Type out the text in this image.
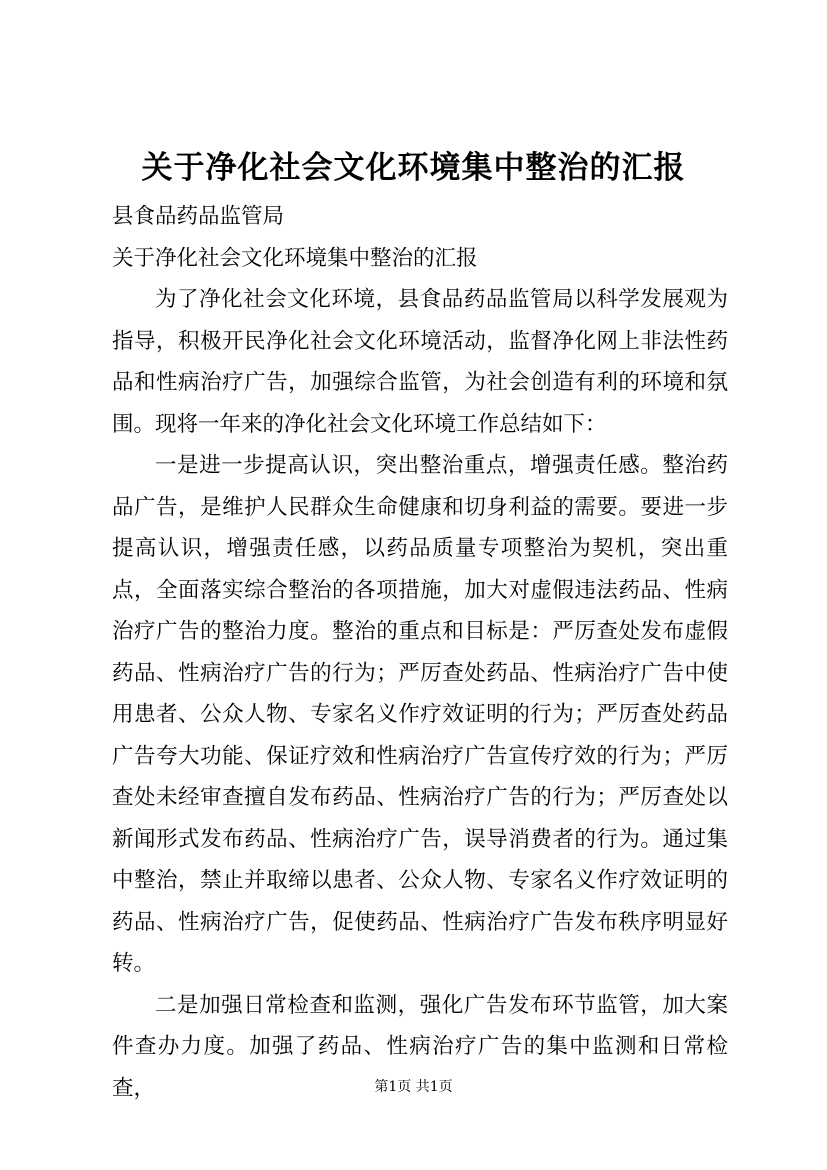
关于净化社会文化环境集中整治的汇报

县食品药品监管局

关于净化社会文化环境集中整治的汇报

为了净化社会文化环境，县食品药品监管局以科学发展观为指导，积极开民净化社会文化环境活动，监督净化网上非法性药品和性病治疗广告，加强综合监管，为社会创造有利的环境和氛围。现将一年来的净化社会文化环境工作总结如下：

一是进一步提高认识，突出整治重点，增强责任感。整治药品广告，是维护人民群众生命健康和切身利益的需要。要进一步提高认识，增强责任感，以药品质量专项整治为契机，突出重点，全面落实综合整治的各项措施，加大对虚假违法药品、性病治疗广告的整治力度。整治的重点和目标是：严厉查处发布虚假药品、性病治疗广告的行为；严厉查处药品、性病治疗广告中使用患者、公众人物、专家名义作疗效证明的行为；严厉查处药品广告夸大功能、保证疗效和性病治疗广告宣传疗效的行为；严厉查处未经审查擅自发布药品、性病治疗广告的行为；严厉查处以新闻形式发布药品、性病治疗广告，误导消费者的行为。通过集中整治，禁止并取缔以患者、公众人物、专家名义作疗效证明的药品、性病治疗广告，促使药品、性病治疗广告发布秩序明显好转。

二是加强日常检查和监测，强化广告发布环节监管，加大案件查办力度。加强了药品、性病治疗广告的集中监测和日常检查，	第1页 共1页
